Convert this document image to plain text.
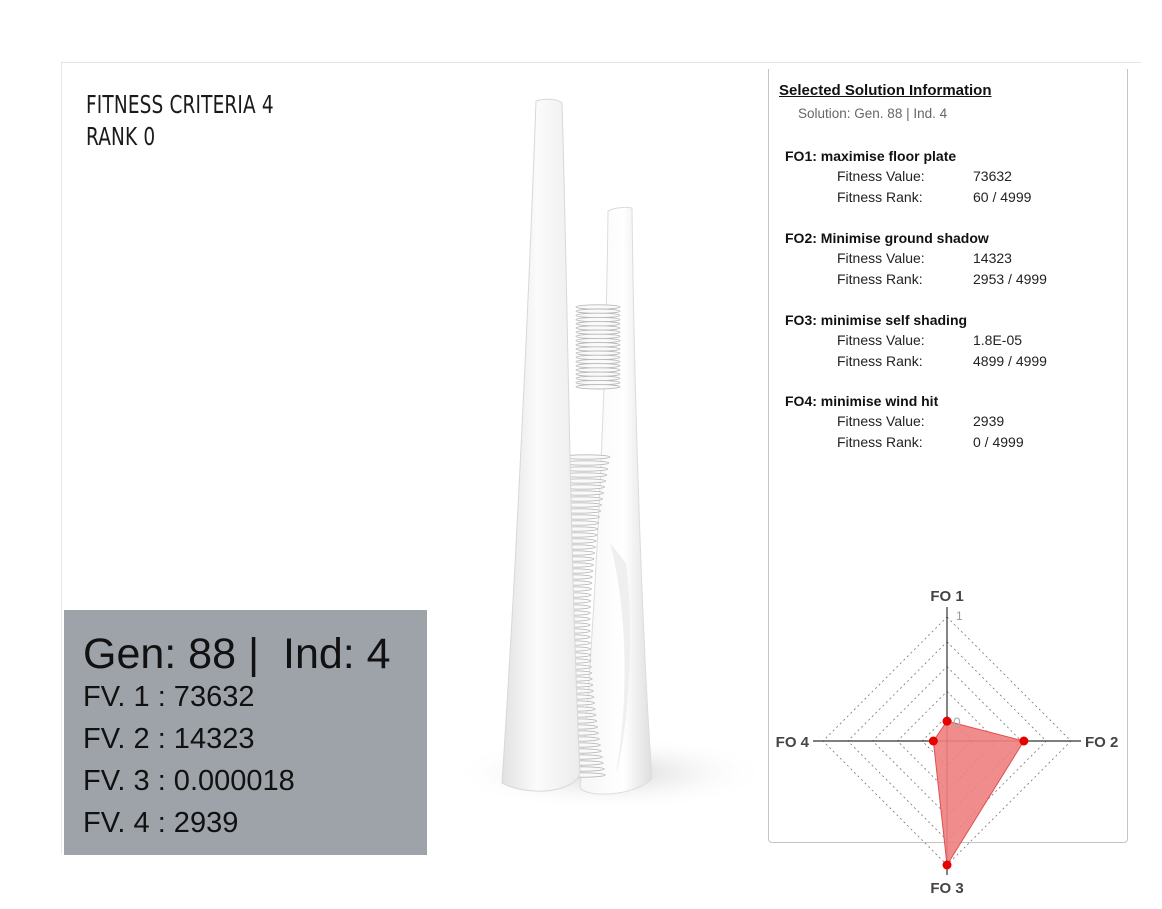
FITNESS CRITERIA 4
RANK 0
Gen: 88 |  Ind: 4
FV. 1 : 73632
FV. 2 : 14323
FV. 3 : 0.000018
FV. 4 : 2939
Selected Solution Information
Solution: Gen. 88 | Ind. 4
FO1: maximise floor plate
Fitness Value:	73632
Fitness Rank:	60 / 4999
FO2: Minimise ground shadow
Fitness Value:	14323
Fitness Rank:	2953 / 4999
FO3: minimise self shading
Fitness Value:	1.8E-05
Fitness Rank:	4899 / 4999
FO4: minimise wind hit
Fitness Value:	2939
Fitness Rank:	0 / 4999
FO 1
FO 2
FO 3
FO 4
1
0
